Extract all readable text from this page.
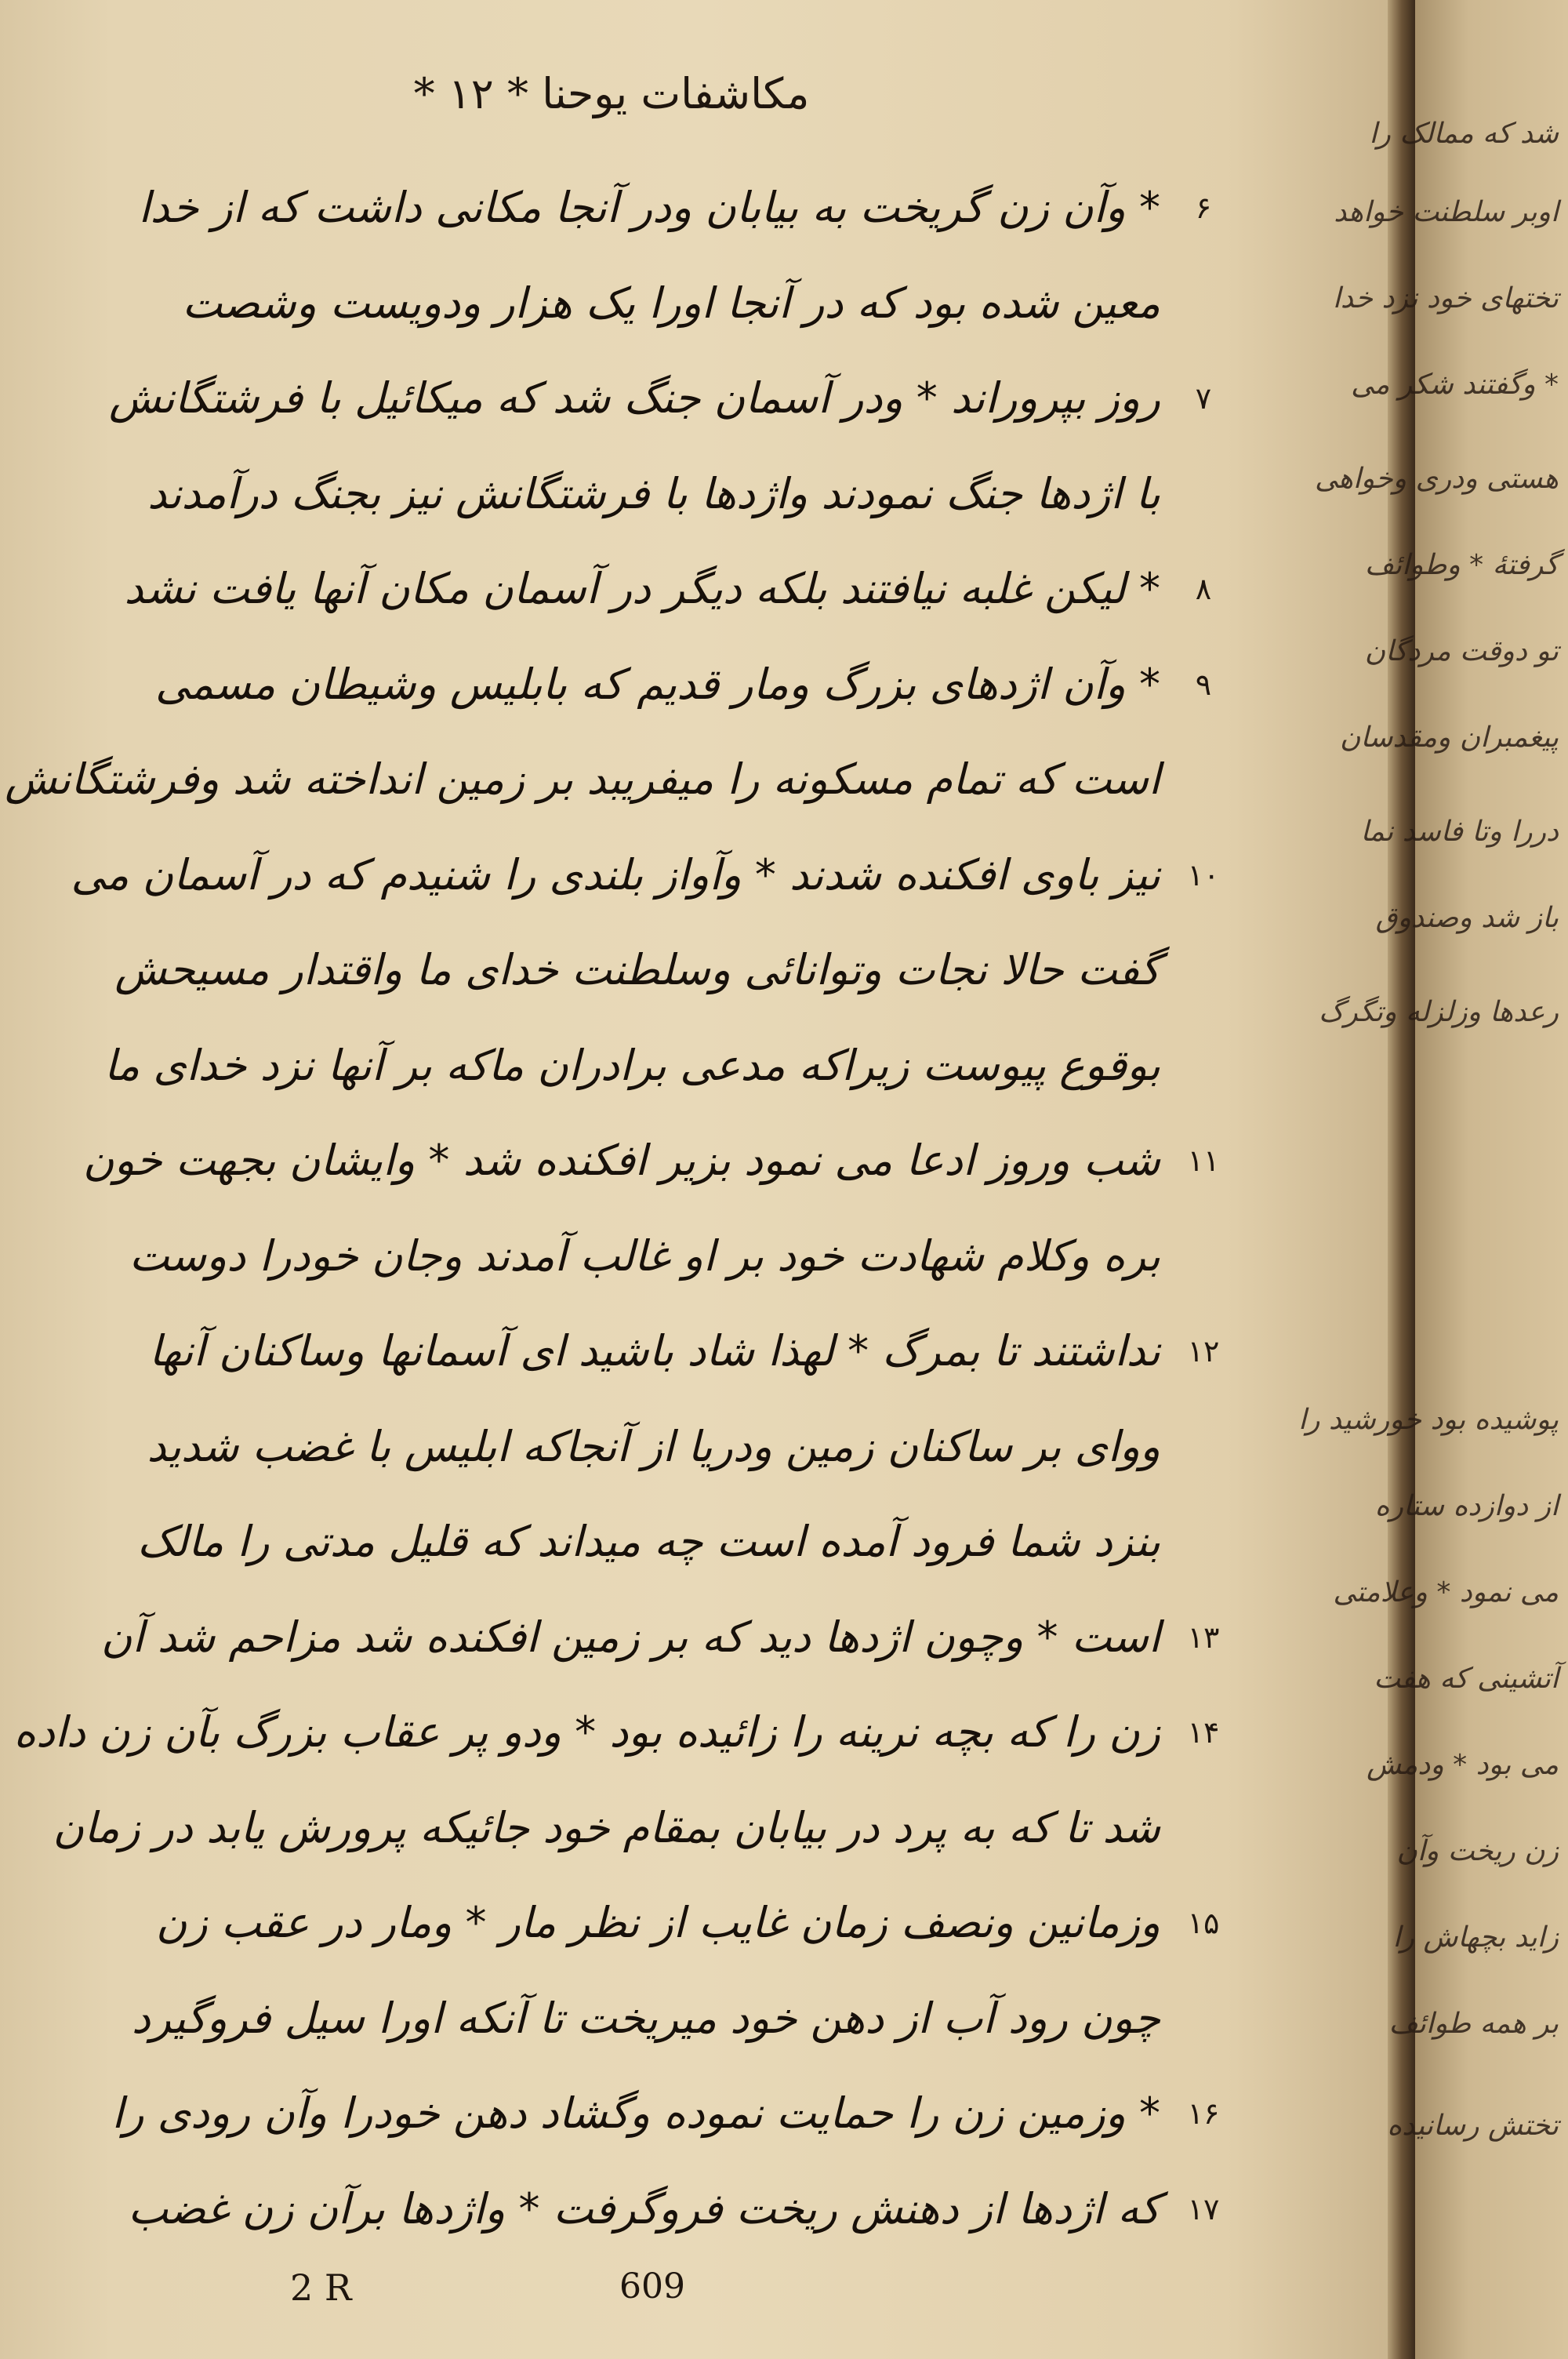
مکاشفات یوحنا * ۱۲ *
* وآن زن گریخت به بیابان ودر آنجا مکانی داشت که از خدا	۶
معین شده بود که در آنجا اورا یک هزار ودویست وشصت
روز بپروراند * ودر آسمان جنگ شد که میکائیل با فرشتگانش	۷
با اژدها جنگ نمودند واژدها با فرشتگانش نیز بجنگ درآمدند
* لیکن غلبه نیافتند بلکه دیگر در آسمان مکان آنها یافت نشد	۸
* وآن اژدهای بزرگ ومار قدیم که بابلیس وشیطان مسمی	۹
است که تمام مسکونه را میفریبد بر زمین انداخته شد وفرشتگانش
نیز باوی افکنده شدند * وآواز بلندی را شنیدم که در آسمان می ۱۰
گفت حالا نجات وتوانائی وسلطنت خدای ما واقتدار مسیحش
بوقوع پیوست زیراکه مدعی برادران ماکه بر آنها نزد خدای ما
شب وروز ادعا می نمود بزیر افکنده شد * وایشان بجهت خون ۱۱
بره وکلام شهادت خود بر او غالب آمدند وجان خودرا دوست
نداشتند تا بمرگ * لهذا شاد باشید ای آسمانها وساکنان آنها ۱۲
ووای بر ساکنان زمین ودریا از آنجاکه ابلیس با غضب شدید
بنزد شما فرود آمده است چه میداند که قلیل مدتی را مالک
است * وچون اژدها دید که بر زمین افکنده شد مزاحم شد آن ۱۳
زن را که بچه نرینه را زائیده بود * ودو پر عقاب بزرگ بآن زن داده ۱۴
شد تا که به پرد در بیابان بمقام خود جائیکه پرورش یابد در زمان
وزمانین ونصف زمان غایب از نظر مار * ومار در عقب زن ۱۵
چون رود آب از دهن خود میریخت تا آنکه اورا سیل فروگیرد
* وزمین زن را حمایت نموده وگشاد دهن خودرا وآن رودی را ۱۶
که اژدها از دهنش ریخت فروگرفت * واژدها برآن زن غضب ۱۷
2 R	609
شد که ممالک را
اوبر سلطنت خواهد
تختهای خود نزد خدا
* وگفتند شکر می
هستی ودری وخواهی
گرفتۀ * وطوائف
تو دوقت مردگان
پیغمبران ومقدسان
دررا وتا فاسد نما
باز شد وصندوق
رعدها وزلزله وتگرگ
پوشیده بود خورشید را
از دوازده ستاره
می نمود * وعلامتی
آتشینی که هفت
می بود * ودمش
زن ریخت وآن
زاید بچهاش را
بر همه طوائف
تختش رسانیده
